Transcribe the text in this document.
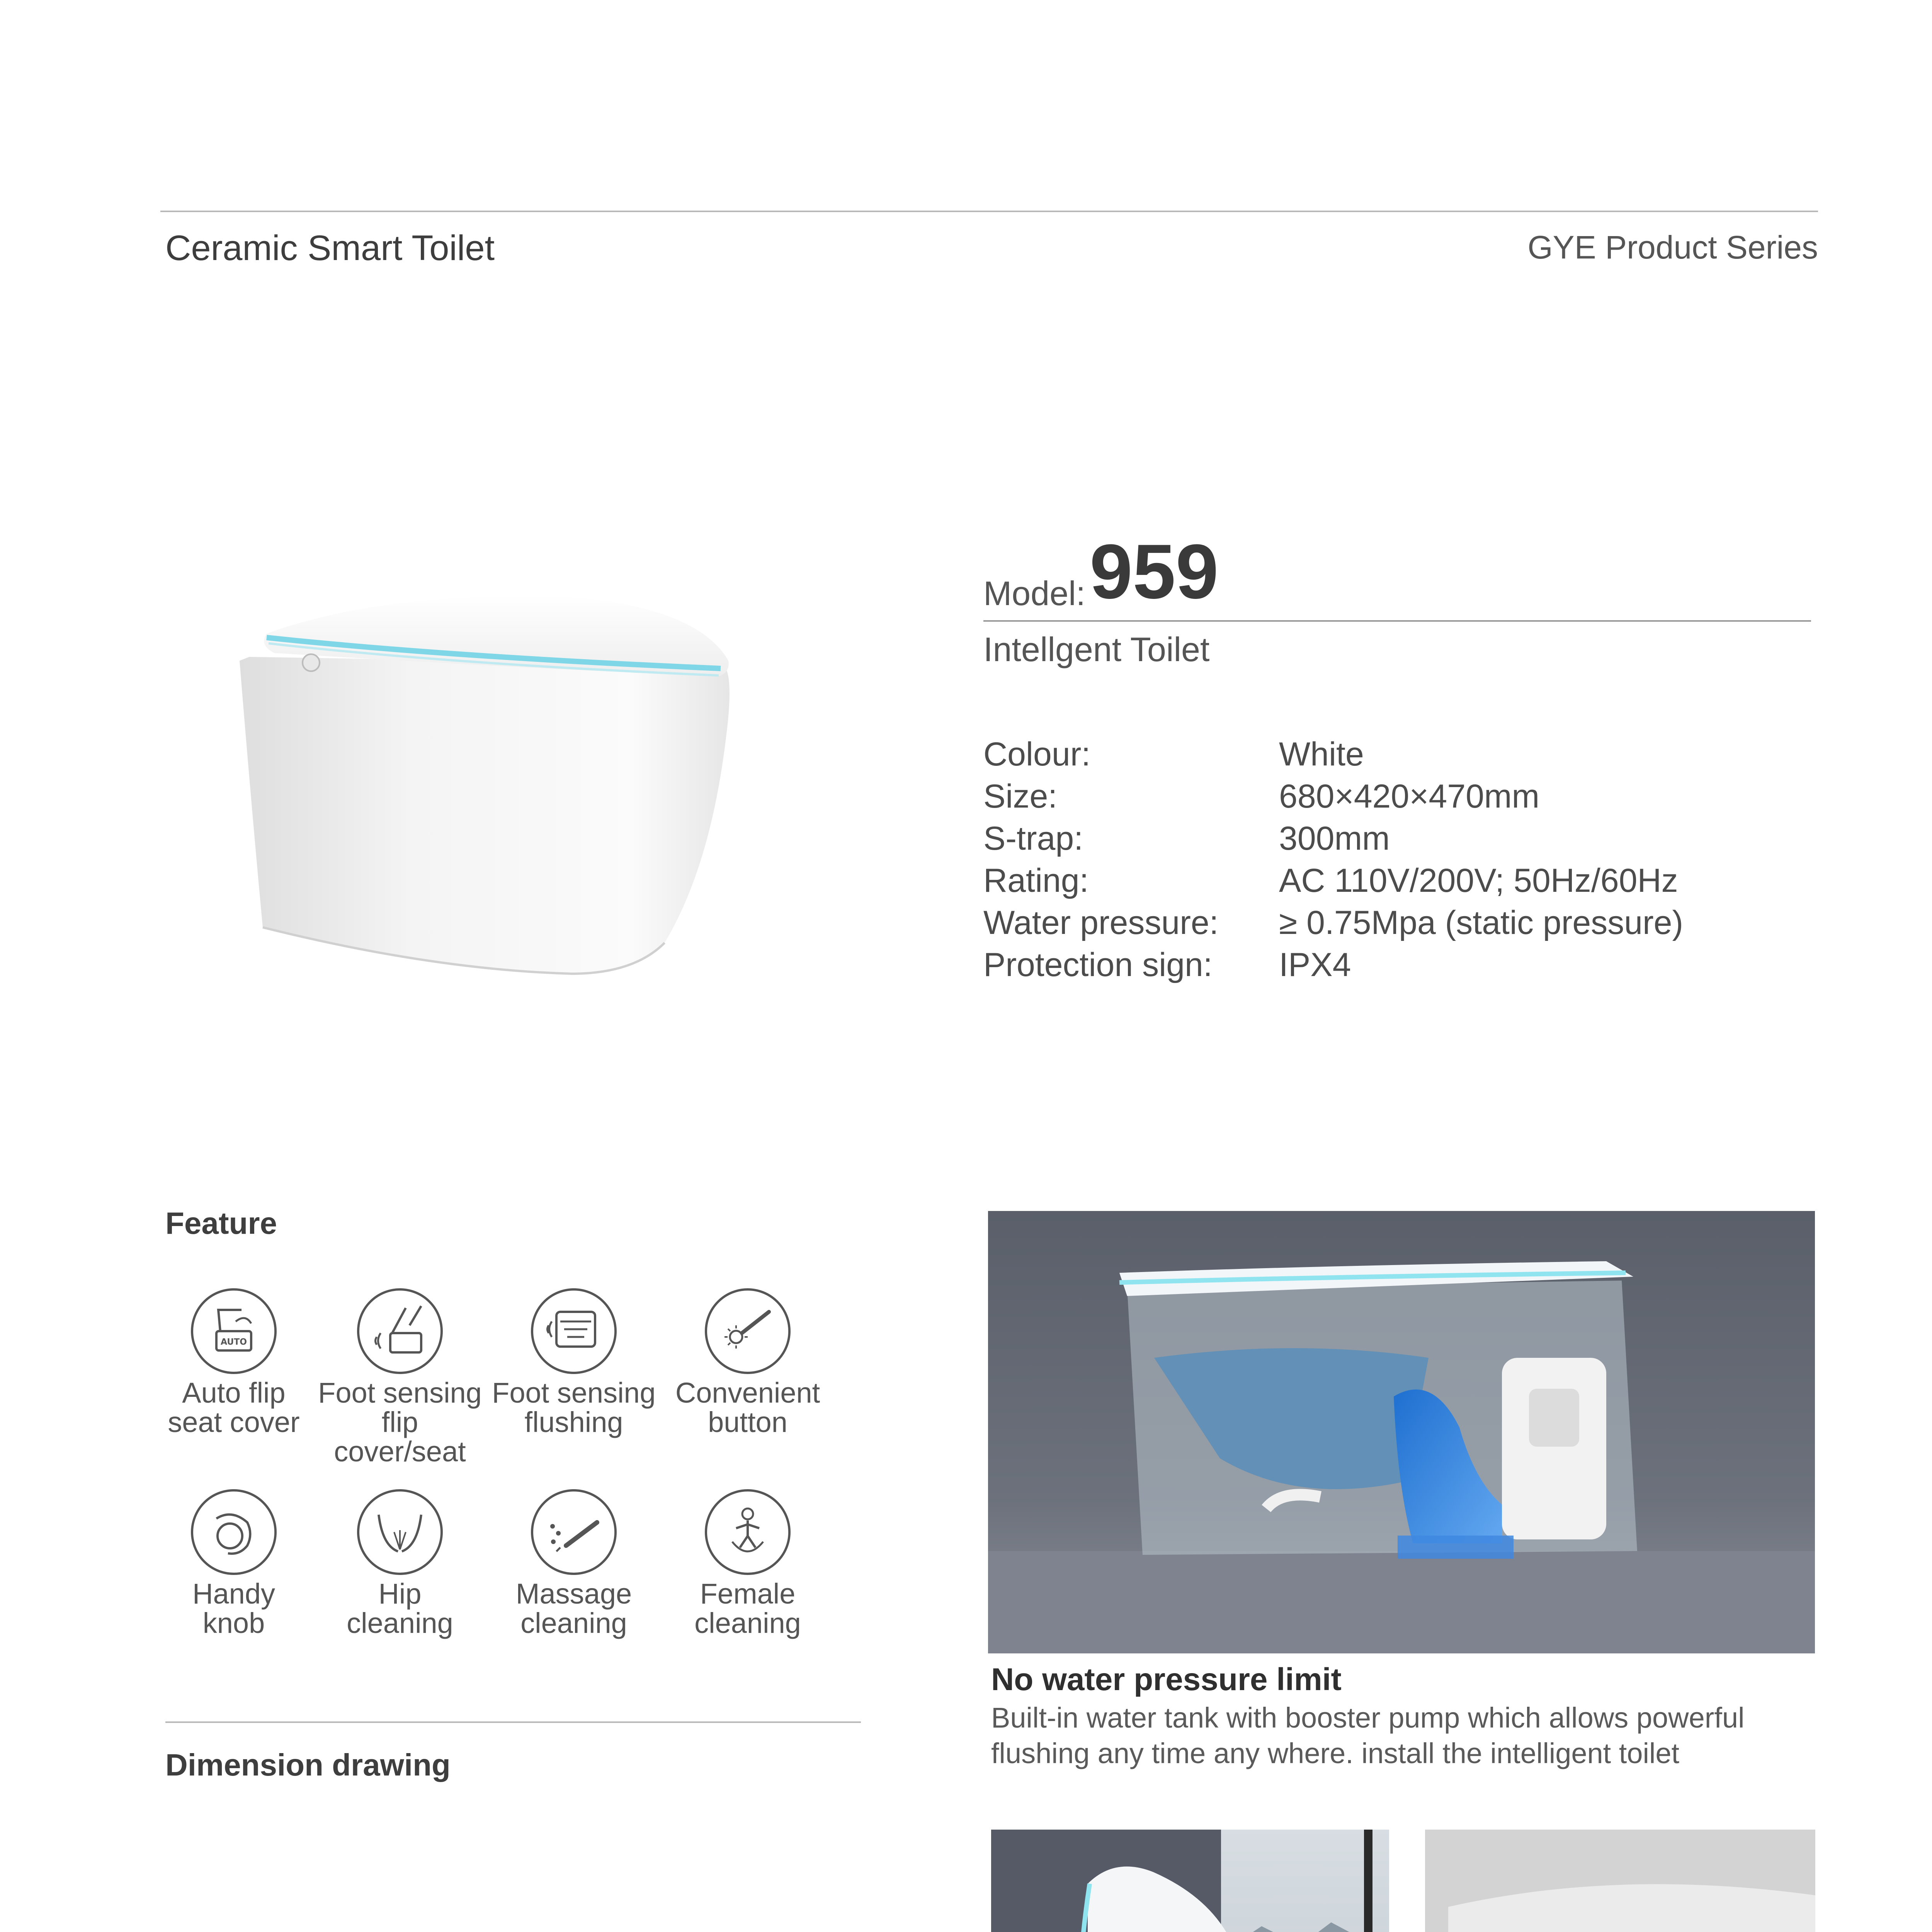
Ceramic Smart Toilet	GYE Product Series
Model: 959
Intellgent Toilet
Colour:	White
Size:	680×420×470mm
S-trap:	300mm
Rating:	AC 110V/200V; 50Hz/60Hz
Water pressure: ≥ 0.75Mpa (static pressure)
Protection sign: IPX4
Feature
AUTO
Auto flip
seat cover
Foot sensing
flip cover/seat
Foot sensing
flushing
Convenient
button
Handy
knob
Hip
cleaning
Massage
cleaning
Female
cleaning
Dimension drawing
No water pressure limit
Built-in water tank with booster pump which allows powerful
flushing any time any where. install the intelligent toilet
